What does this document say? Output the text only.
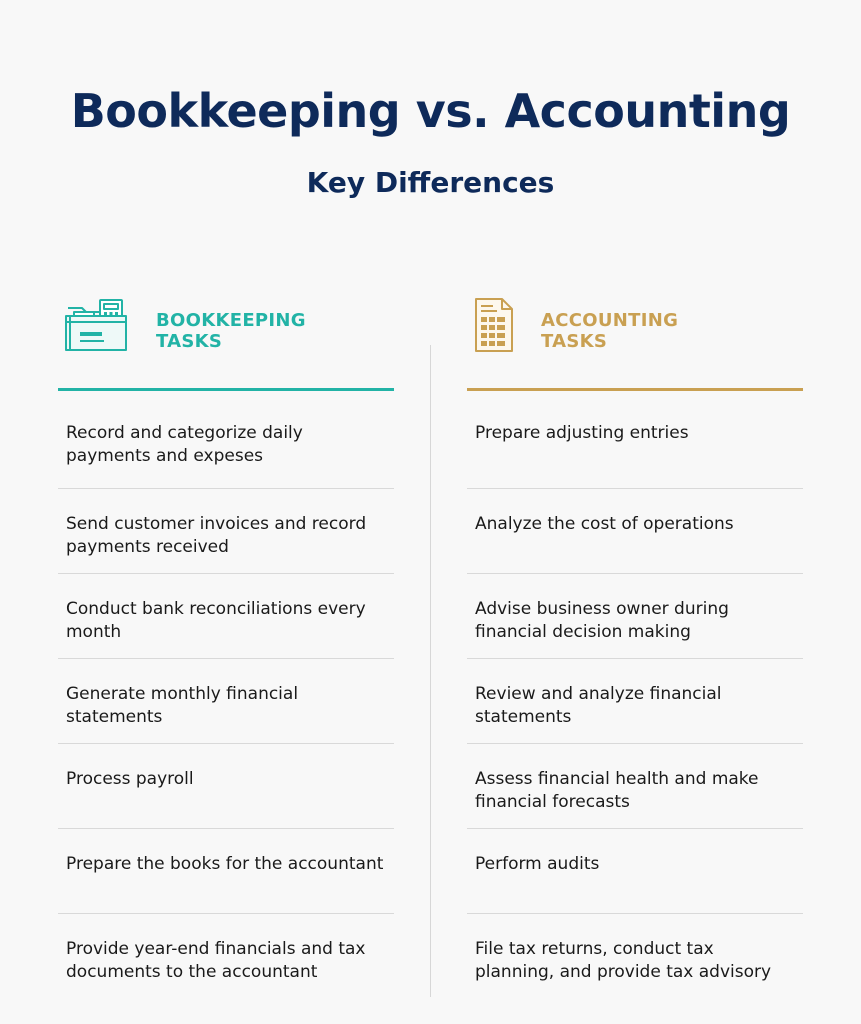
Bookkeeping vs. Accounting
Key Differences
BOOKKEEPING
TASKS
Record and categorize daily payments and expeses
Send customer invoices and record payments received
Conduct bank reconciliations every month
Generate monthly financial statements
Process payroll
Prepare the books for the accountant
Provide year-end financials and tax documents to the accountant
ACCOUNTING
TASKS
Prepare adjusting entries
Analyze the cost of operations
Advise business owner during financial decision making
Review and analyze financial statements
Assess financial health and make financial forecasts
Perform audits
File tax returns, conduct tax planning, and provide tax advisory
